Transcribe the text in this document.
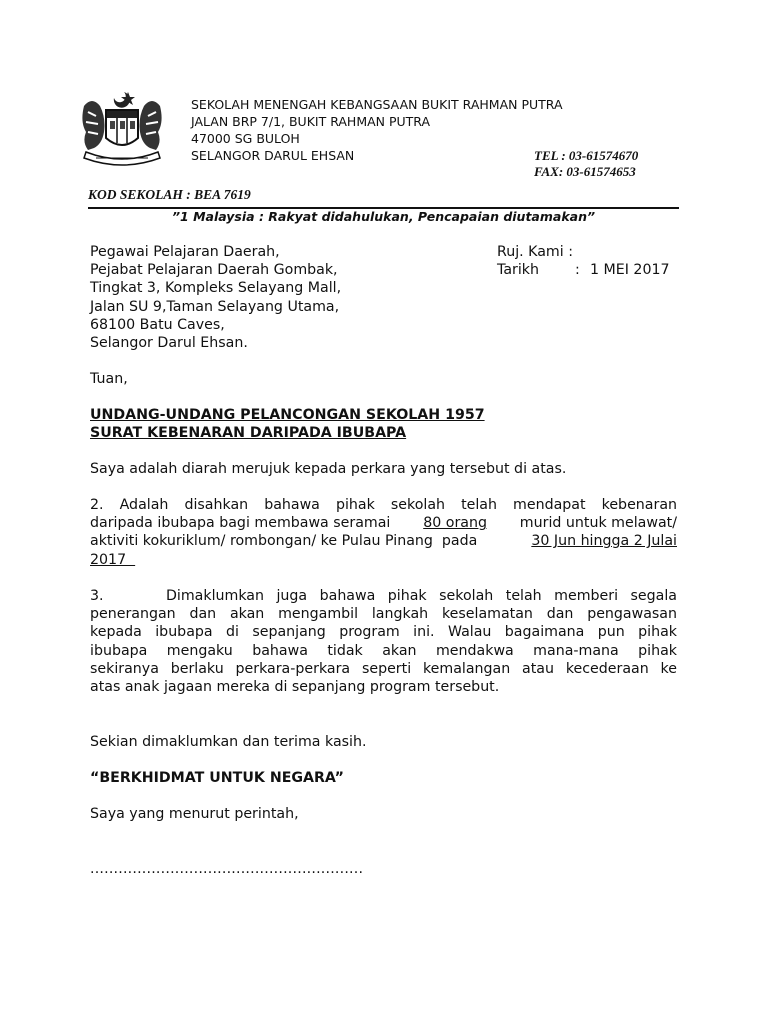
SEKOLAH MENENGAH KEBANGSAAN BUKIT RAHMAN PUTRA
JALAN BRP 7/1, BUKIT RAHMAN PUTRA
47000 SG BULOH
SELANGOR DARUL EHSAN	TEL : 03-61574670
FAX: 03-61574653
KOD SEKOLAH : BEA 7619
”1 Malaysia : Rakyat didahulukan, Pencapaian diutamakan”
Pegawai Pelajaran Daerah,
Pejabat Pelajaran Daerah Gombak,
Tingkat 3, Kompleks Selayang Mall,
Jalan SU 9,Taman Selayang Utama,
68100 Batu Caves,
Selangor Darul Ehsan.
Ruj. Kami :
Tarikh	: 1 MEI 2017
Tuan,
UNDANG-UNDANG PELANCONGAN SEKOLAH 1957
SURAT KEBENARAN DARIPADA IBUBAPA
Saya adalah diarah merujuk kepada perkara yang tersebut di atas.
2. Adalah disahkan bahawa pihak sekolah telah mendapat kebenaran
daripada ibubapa bagi membawa seramai 80 orang murid untuk melawat/
aktiviti kokuriklum/ rombongan/ ke Pulau Pinang  pada	30 Jun hingga 2 Julai
2017
3.     Dimaklumkan juga bahawa pihak sekolah telah memberi segala
penerangan dan akan mengambil langkah keselamatan dan pengawasan
kepada ibubapa di sepanjang program ini. Walau bagaimana pun pihak
ibubapa mengaku bahawa tidak akan mendakwa mana-mana pihak
sekiranya berlaku perkara-perkara seperti kemalangan atau kecederaan ke
atas anak jagaan mereka di sepanjang program tersebut.
Sekian dimaklumkan dan terima kasih.
“BERKHIDMAT UNTUK NEGARA”
Saya yang menurut perintah,
..........................................................
